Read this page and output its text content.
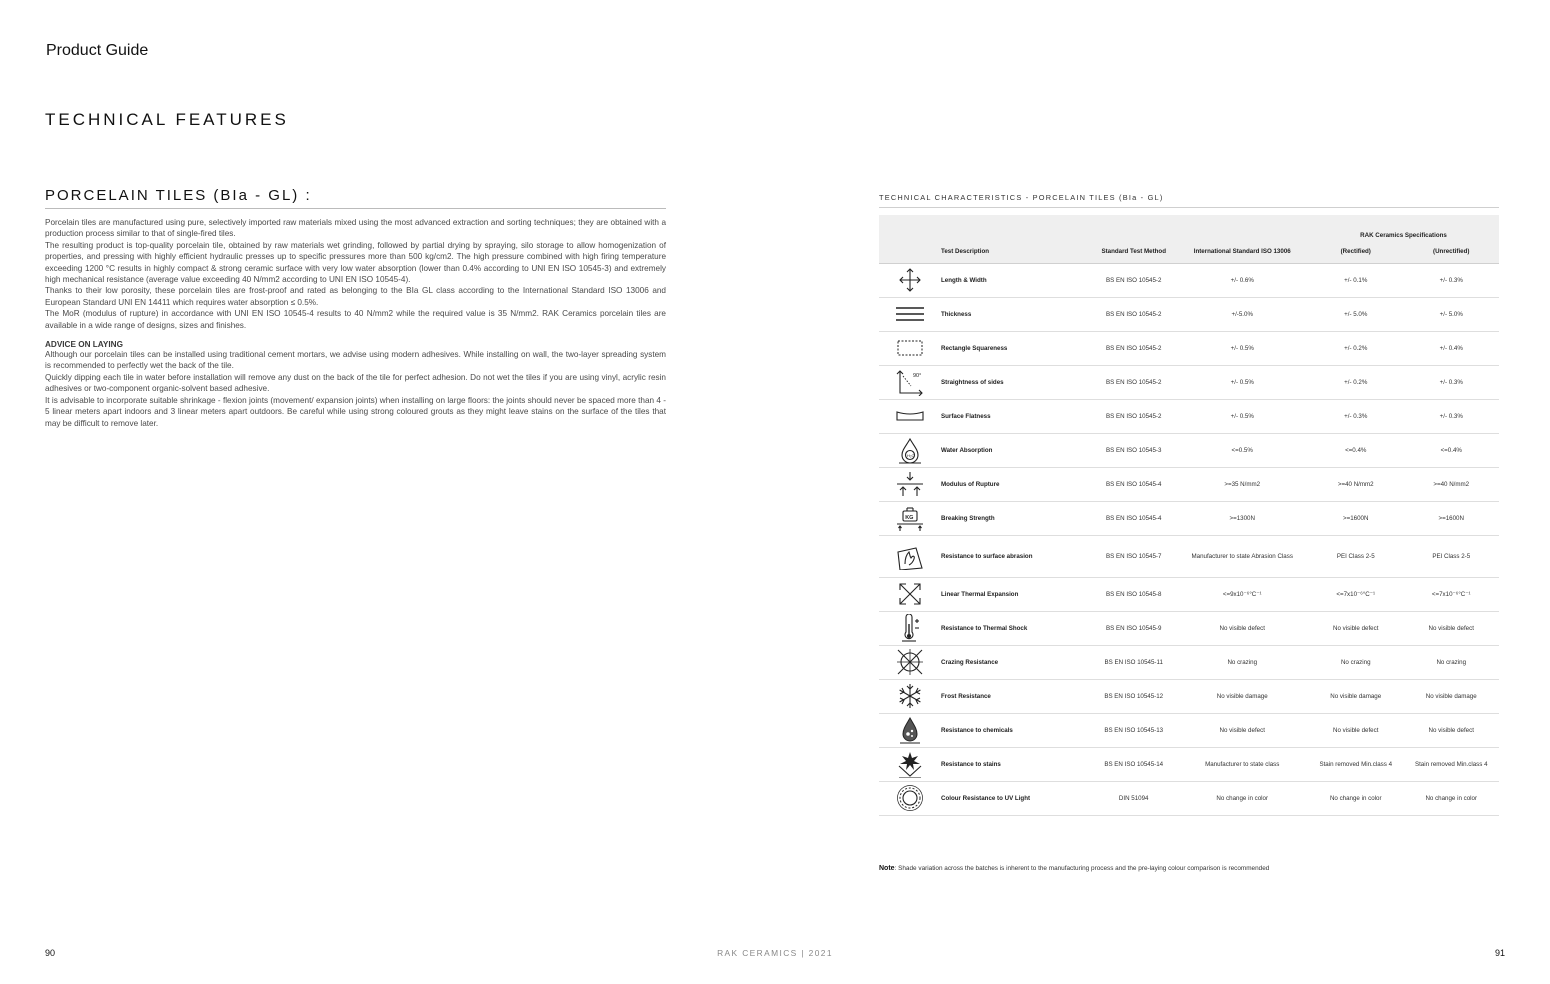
Product Guide
TECHNICAL FEATURES
PORCELAIN TILES (BIa - GL) :

Porcelain tiles are manufactured using pure, selectively imported raw materials mixed using the most advanced extraction and sorting techniques; they are obtained with a production process similar to that of single-fired tiles.

The resulting product is top-quality porcelain tile, obtained by raw materials wet grinding, followed by partial drying by spraying, silo storage to allow homogenization of properties, and pressing with highly efficient hydraulic presses up to specific pressures more than 500 kg/cm2. The high pressure combined with high firing temperature exceeding 1200 °C results in highly compact & strong ceramic surface with very low water absorption (lower than 0.4% according to UNI EN ISO 10545-3) and extremely high mechanical resistance (average value exceeding 40 N/mm2 according to UNI EN ISO 10545-4).

Thanks to their low porosity, these porcelain tiles are frost-proof and rated as belonging to the BIa GL class according to the International Standard ISO 13006 and European Standard UNI EN 14411 which requires water absorption ≤ 0.5%.

The MoR (modulus of rupture) in accordance with UNI EN ISO 10545-4 results to 40 N/mm2 while the required value is 35 N/mm2. RAK Ceramics porcelain tiles are available in a wide range of designs, sizes and finishes.

ADVICE ON LAYING

Although our porcelain tiles can be installed using traditional cement mortars, we advise using modern adhesives. While installing on wall, the two-layer spreading system is recommended to perfectly wet the back of the tile.

Quickly dipping each tile in water before installation will remove any dust on the back of the tile for perfect adhesion. Do not wet the tiles if you are using vinyl, acrylic resin adhesives or two-component organic-solvent based adhesive.

It is advisable to incorporate suitable shrinkage - flexion joints (movement/ expansion joints) when installing on large floors: the joints should never be spaced more than 4 - 5 linear meters apart indoors and 3 linear meters apart outdoors. Be careful while using strong coloured grouts as they might leave stains on the surface of the tiles that may be difficult to remove later.

TECHNICAL CHARACTERISTICS - PORCELAIN TILES (BIa - GL)
				RAK Ceramics Specifications	
	Test Description	Standard Test Method	International Standard ISO 13006	(Rectified)	(Unrectified)

	Length & Width	BS EN ISO 10545-2	+/- 0.6%	+/- 0.1%	+/- 0.3%

	Thickness	BS EN ISO 10545-2	+/-5.0%	+/- 5.0%	+/- 5.0%

	Rectangle Squareness	BS EN ISO 10545-2	+/- 0.5%	+/- 0.2%	+/- 0.4%

90°	Straightness of sides	BS EN ISO 10545-2	+/- 0.5%	+/- 0.2%	+/- 0.3%

	Surface Flatness	BS EN ISO 10545-2	+/- 0.5%	+/- 0.3%	+/- 0.3%

H₂O	Water Absorption	BS EN ISO 10545-3	<=0.5%	<=0.4%	<=0.4%

	Modulus of Rupture	BS EN ISO 10545-4	>=35 N/mm2	>=40 N/mm2	>=40 N/mm2

KG	Breaking Strength	BS EN ISO 10545-4	>=1300N	>=1600N	>=1600N

	Resistance to surface abrasion	BS EN ISO 10545-7	Manufacturer to state Abrasion Class	PEI Class 2-5	PEI Class 2-5

	Linear Thermal Expansion	BS EN ISO 10545-8	<=9x10⁻⁶°C⁻¹	<=7x10⁻⁶°C⁻¹	<=7x10⁻⁶°C⁻¹

	Resistance to Thermal Shock	BS EN ISO 10545-9	No visible defect	No visible defect	No visible defect

	Crazing Resistance	BS EN ISO 10545-11	No crazing	No crazing	No crazing

	Frost Resistance	BS EN ISO 10545-12	No visible damage	No visible damage	No visible damage

	Resistance to chemicals	BS EN ISO 10545-13	No visible defect	No visible defect	No visible defect

	Resistance to stains	BS EN ISO 10545-14	Manufacturer to state class	Stain removed Min.class 4	Stain removed Min.class 4

	Colour Resistance to UV Light	DIN 51094	No change in color	No change in color	No change in color
Note: Shade variation across the batches is inherent to the manufacturing process and the pre-laying colour comparison is recommended
90	RAK CERAMICS | 2021	91
